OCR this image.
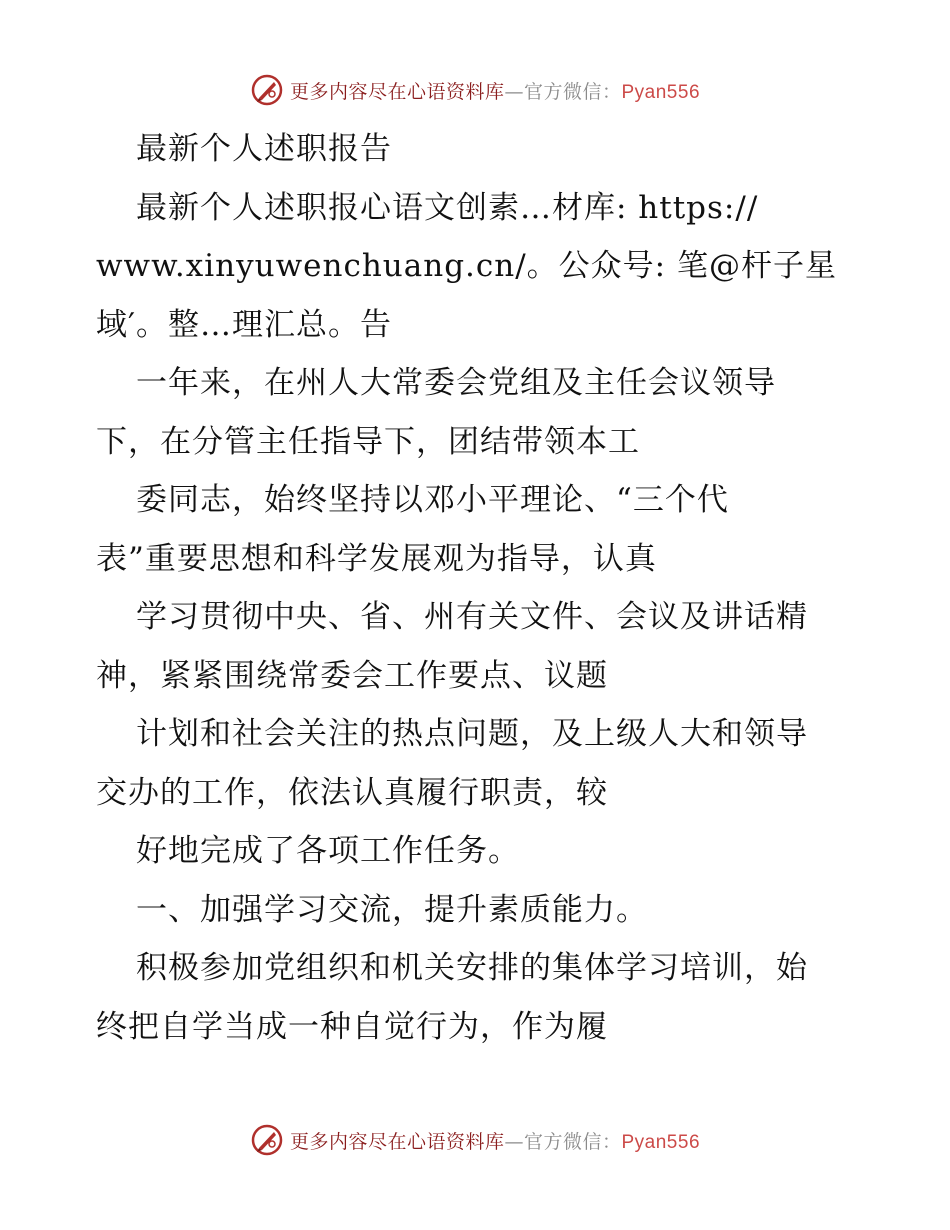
更多内容尽在心语资料库—官方微信：Pyan556
最新个人述职报告
最新个人述职报心语文创素…材库: https://
www.xinyuwenchuang.cn/。公众号: 笔@杆子星
域′。整…理汇总。告
一年来，在州人大常委会党组及主任会议领导
下，在分管主任指导下，团结带领本工
委同志，始终坚持以邓小平理论、“三个代
表”重要思想和科学发展观为指导，认真
学习贯彻中央、省、州有关文件、会议及讲话精
神，紧紧围绕常委会工作要点、议题
计划和社会关注的热点问题，及上级人大和领导
交办的工作，依法认真履行职责，较
好地完成了各项工作任务。
一、加强学习交流，提升素质能力。
积极参加党组织和机关安排的集体学习培训，始
终把自学当成一种自觉行为，作为履
更多内容尽在心语资料库—官方微信：Pyan556
